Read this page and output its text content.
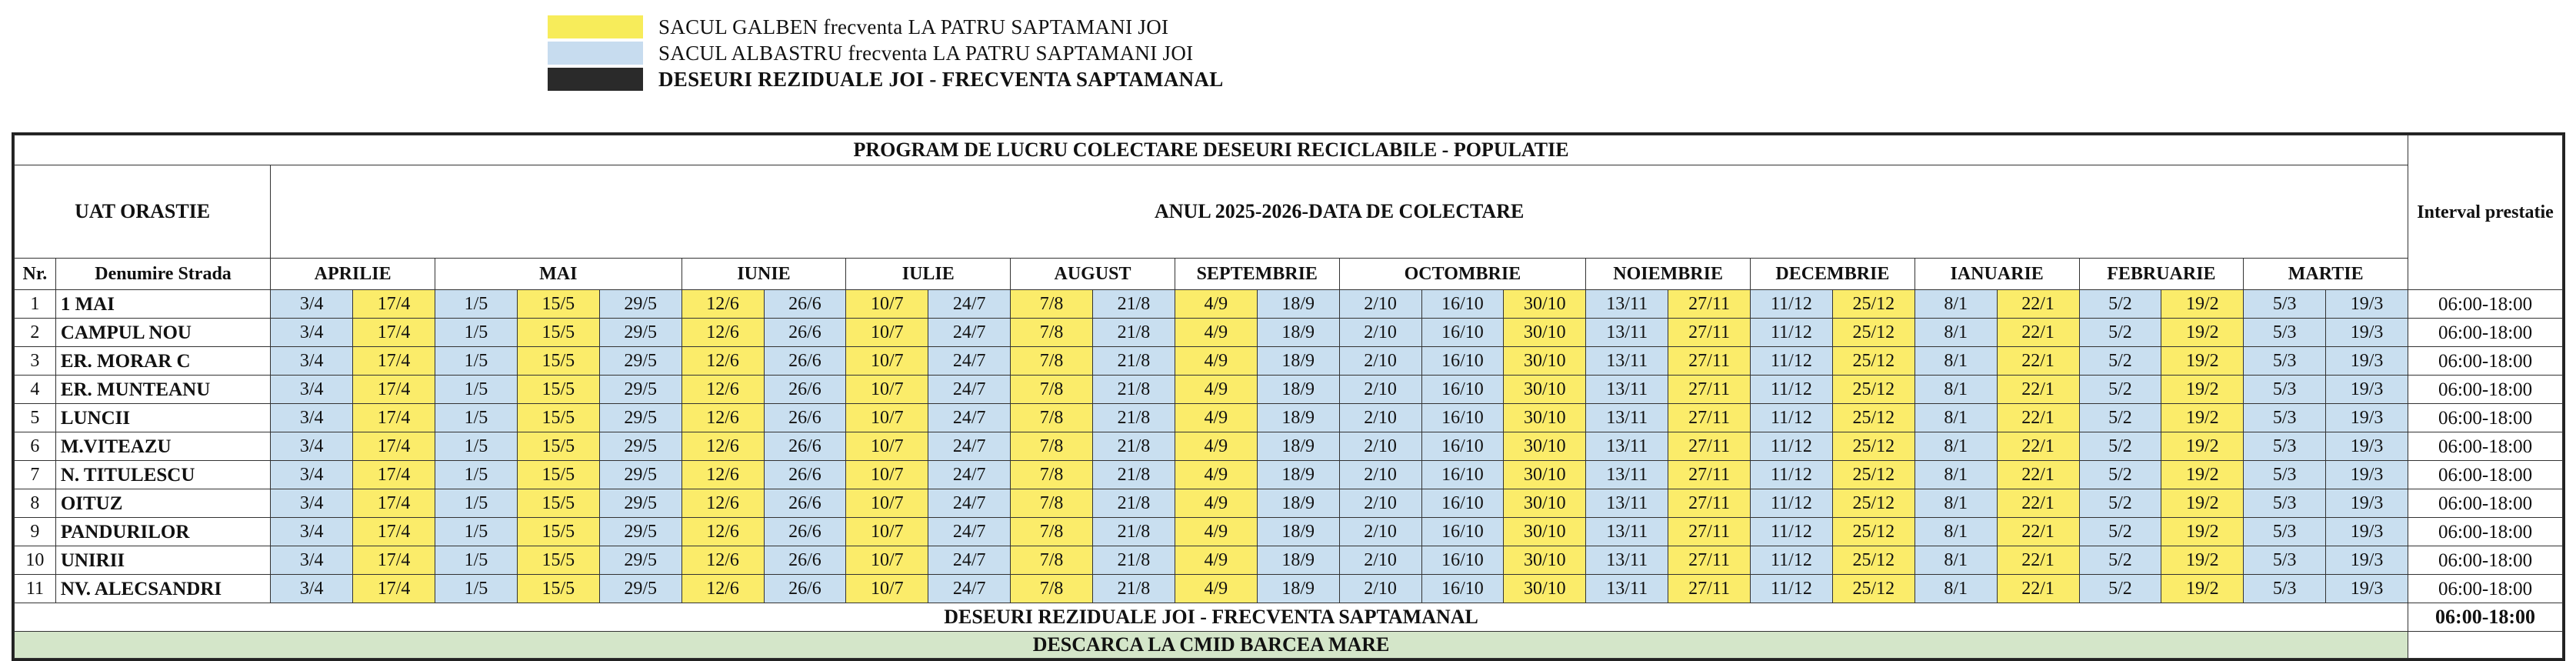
SACUL GALBEN frecventa LA PATRU SAPTAMANI JOI
SACUL ALBASTRU frecventa LA PATRU SAPTAMANI JOI
DESEURI REZIDUALE JOI - FRECVENTA SAPTAMANAL
PROGRAM DE LUCRU COLECTARE DESEURI RECICLABILE - POPULATIE																												Interval prestatie
UAT ORASTIE		ANUL 2025-2026-DATA DE COLECTARE																										
Nr.	Denumire Strada	APRILIE		MAI			IUNIE		IULIE		AUGUST		SEPTEMBRIE		OCTOMBRIE			NOIEMBRIE		DECEMBRIE		IANUARIE		FEBRUARIE		MARTIE		
1	1 MAI	3/4	17/4	1/5	15/5	29/5	12/6	26/6	10/7	24/7	7/8	21/8	4/9	18/9	2/10	16/10	30/10	13/11	27/11	11/12	25/12	8/1	22/1	5/2	19/2	5/3	19/3	06:00-18:00
2	CAMPUL NOU	3/4	17/4	1/5	15/5	29/5	12/6	26/6	10/7	24/7	7/8	21/8	4/9	18/9	2/10	16/10	30/10	13/11	27/11	11/12	25/12	8/1	22/1	5/2	19/2	5/3	19/3	06:00-18:00
3	ER. MORAR C	3/4	17/4	1/5	15/5	29/5	12/6	26/6	10/7	24/7	7/8	21/8	4/9	18/9	2/10	16/10	30/10	13/11	27/11	11/12	25/12	8/1	22/1	5/2	19/2	5/3	19/3	06:00-18:00
4	ER. MUNTEANU	3/4	17/4	1/5	15/5	29/5	12/6	26/6	10/7	24/7	7/8	21/8	4/9	18/9	2/10	16/10	30/10	13/11	27/11	11/12	25/12	8/1	22/1	5/2	19/2	5/3	19/3	06:00-18:00
5	LUNCII	3/4	17/4	1/5	15/5	29/5	12/6	26/6	10/7	24/7	7/8	21/8	4/9	18/9	2/10	16/10	30/10	13/11	27/11	11/12	25/12	8/1	22/1	5/2	19/2	5/3	19/3	06:00-18:00
6	M.VITEAZU	3/4	17/4	1/5	15/5	29/5	12/6	26/6	10/7	24/7	7/8	21/8	4/9	18/9	2/10	16/10	30/10	13/11	27/11	11/12	25/12	8/1	22/1	5/2	19/2	5/3	19/3	06:00-18:00
7	N. TITULESCU	3/4	17/4	1/5	15/5	29/5	12/6	26/6	10/7	24/7	7/8	21/8	4/9	18/9	2/10	16/10	30/10	13/11	27/11	11/12	25/12	8/1	22/1	5/2	19/2	5/3	19/3	06:00-18:00
8	OITUZ	3/4	17/4	1/5	15/5	29/5	12/6	26/6	10/7	24/7	7/8	21/8	4/9	18/9	2/10	16/10	30/10	13/11	27/11	11/12	25/12	8/1	22/1	5/2	19/2	5/3	19/3	06:00-18:00
9	PANDURILOR	3/4	17/4	1/5	15/5	29/5	12/6	26/6	10/7	24/7	7/8	21/8	4/9	18/9	2/10	16/10	30/10	13/11	27/11	11/12	25/12	8/1	22/1	5/2	19/2	5/3	19/3	06:00-18:00
10	UNIRII	3/4	17/4	1/5	15/5	29/5	12/6	26/6	10/7	24/7	7/8	21/8	4/9	18/9	2/10	16/10	30/10	13/11	27/11	11/12	25/12	8/1	22/1	5/2	19/2	5/3	19/3	06:00-18:00
11	NV. ALECSANDRI	3/4	17/4	1/5	15/5	29/5	12/6	26/6	10/7	24/7	7/8	21/8	4/9	18/9	2/10	16/10	30/10	13/11	27/11	11/12	25/12	8/1	22/1	5/2	19/2	5/3	19/3	06:00-18:00
DESEURI REZIDUALE JOI - FRECVENTA SAPTAMANAL																												06:00-18:00
DESCARCA LA CMID BARCEA MARE																												
